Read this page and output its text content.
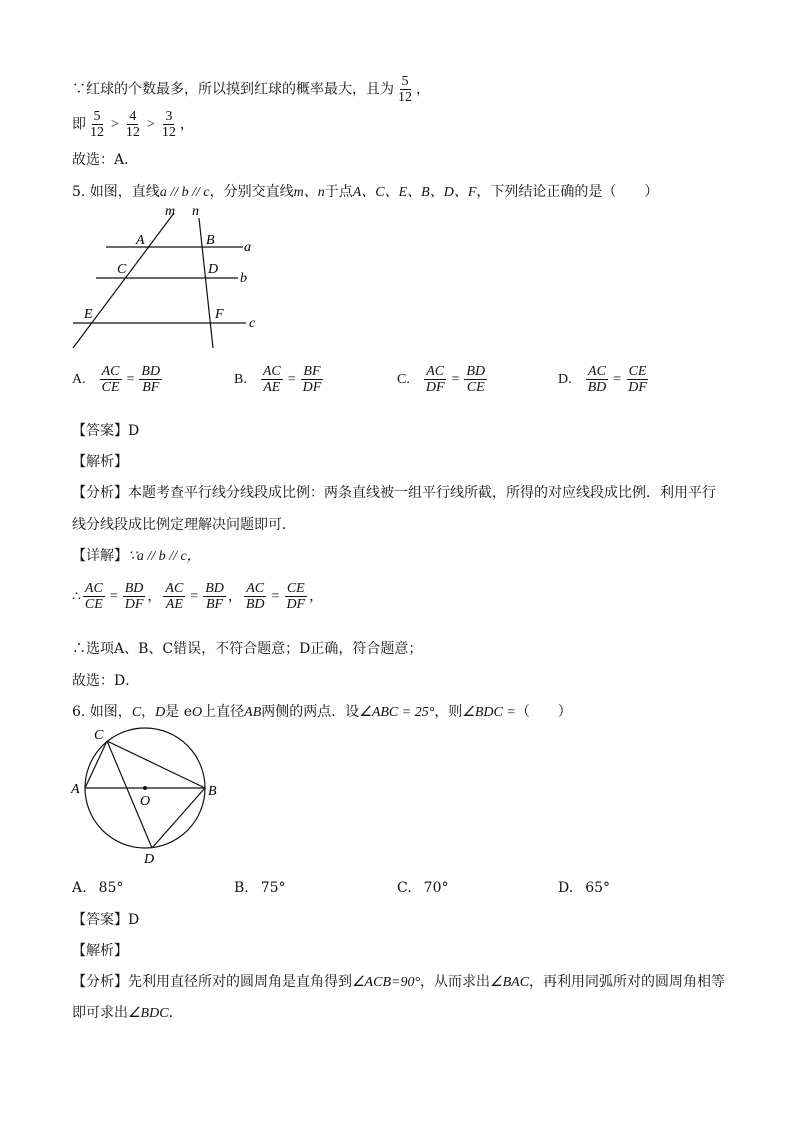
∵红球的个数最多，所以摸到红球的概率最大，且为 $\frac{5}{12}$ ，
即 $\frac{5}{12} > \frac{4}{12} > \frac{3}{12}$ ，
故选：A．
5. 如图，直线a // b // c，分别交直线m、n于点A、C、E、B、D、F，下列结论正确的是（　　）
m n
A	B a
C	D
b
E	F
c
A. $\frac{AC}{CE} = \frac{BD}{BF}$	B. $\frac{AC}{AE} = \frac{BF}{DF}$	C. $\frac{AC}{DF} = \frac{BD}{CE}$	D. $\frac{AC}{BD} = \frac{CE}{DF}$
【答案】D
【解析】
【分析】本题考查平行线分线段成比例：两条直线被一组平行线所截，所得的对应线段成比例．利用平行
线分线段成比例定理解决问题即可．
【详解】∵a // b // c，
∴ $\frac{AC}{CE} = \frac{BD}{DF}$ ， $\frac{AC}{AE} = \frac{BD}{BF}$ ， $\frac{AC}{BD} = \frac{CE}{DF}$ ，
∴选项A、B、C错误，不符合题意；D正确，符合题意；
故选：D．
6. 如图，C，D是 eO上直径AB两侧的两点．设∠ABC = 25°，则∠BDC =（　　）
C
A	B
O
D
A. 85°	B. 75°	C. 70°	D. 65°
【答案】D
【解析】
【分析】先利用直径所对的圆周角是直角得到∠ACB=90°，从而求出∠BAC，再利用同弧所对的圆周角相等
即可求出∠BDC．
